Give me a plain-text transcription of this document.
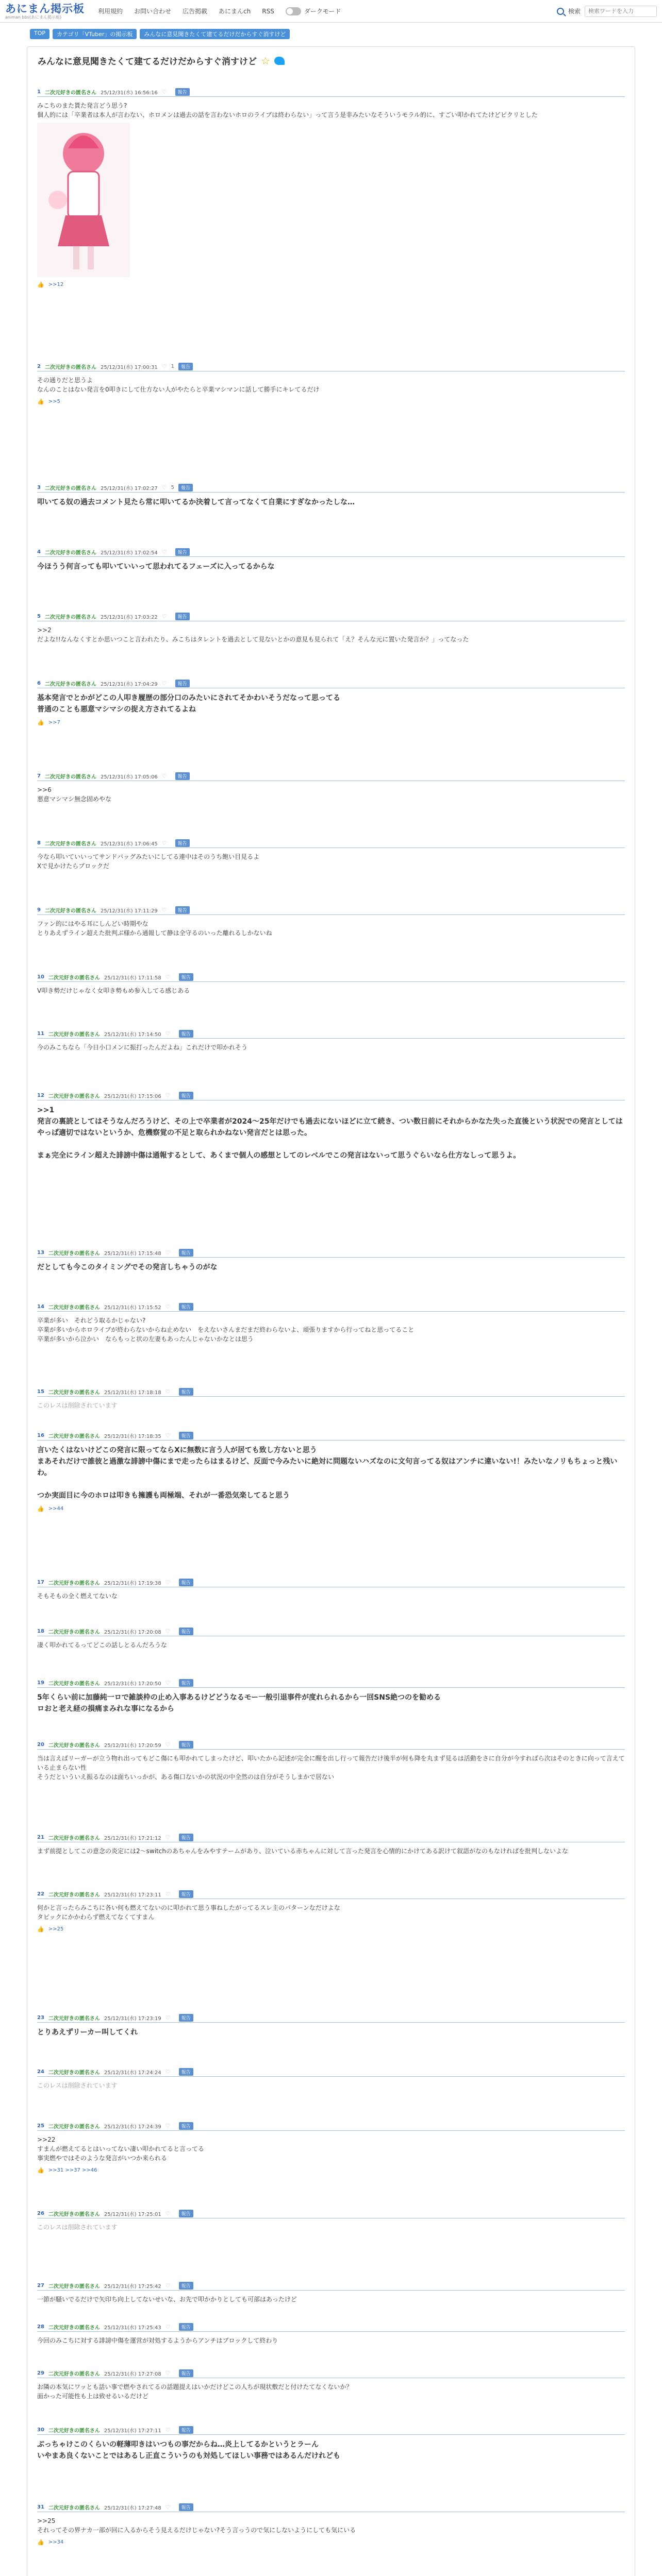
あにまん掲示板
animan bbs(あにまん掲示板)
利用規約 お問い合わせ 広告掲載 あにまんch RSS	ダークモード	検索
検索ワードを入力
TOP	カテゴリ「VTuber」の掲示板	みんなに意見聞きたくて建てるだけだからすぐ消すけど
みんなに意見聞きたくて建てるだけだからすぐ消すけど ☆
1 二次元好きの匿名さん 25/12/31(水) 16:56:16 ♡	報告
みこちのまた貰た発言どう思う?
個人的には「卒業者は本人が言わない、ホロメンは過去の話を言わないホロのライブは終わらない」って言う是非みたいなそういうモラル的に、すごい叩かれてたけどピクリとした
👍 >>12
2 二次元好きの匿名さん 25/12/31(水) 17:00:31 ♡ 1	報告
その通りだと思うよ
なんのことはない発言を0叩きにして仕方ない人がやたらと卒業マシマンに話して勝手にキレてるだけ
👍 >>5
3 二次元好きの匿名さん 25/12/31(水) 17:02:27 ♡ 5	報告
叩いてる奴の過去コメント見たら常に叩いてるか決着して言ってなくて自業にすぎなかったしな…
4 二次元好きの匿名さん 25/12/31(水) 17:02:54 ♡	報告
今ほうう何言っても叩いていいって思われてるフェーズに入ってるからな
5 二次元好きの匿名さん 25/12/31(水) 17:03:22 ♡	報告
>>2
だよな!!なんなくすとか思いつこと言われたり、みこちはタレントを過去として見ないとかの意見も見られて「え？そんな元に置いた発言か？」ってなった
6 二次元好きの匿名さん 25/12/31(水) 17:04:29 ♡	報告
基本発言でとかがどこの人叩き履歴の部分口のみたいにされてそかわいそうだなって思ってる
普通のことも悪意マシマシの捉え方されてるよね
👍 >>7
7 二次元好きの匿名さん 25/12/31(水) 17:05:06 ♡	報告
>>6
悪意マシマシ無念固めやな
8 二次元好きの匿名さん 25/12/31(水) 17:06:45 ♡	報告
今なら叩いていいってサンドバッグみたいにしてる連中はそのうち飽い目見るよ
Xで見かけたらブロックだ
9 二次元好きの匿名さん 25/12/31(水) 17:11:29 ♡	報告
ファン的にはやる耳にしんどい時期やな
とりあえずライン超えた批判ぶ様から通報して静は全守るのいった離れるしかないね
10 二次元好きの匿名さん 25/12/31(水) 17:11:58 ♡	報告
V叩き勢だけじゃなく女叩き勢もめ参入してる感じある
11 二次元好きの匿名さん 25/12/31(水) 17:14:50 ♡	報告
今のみこちなら「今日小口メンに振打ったんだよね」これだけで叩かれそう
12 二次元好きの匿名さん 25/12/31(水) 17:15:06 ♡	報告
>>1
発言の裏読としてはそうなんだろうけど、その上で卒業者が2024～25年だけでも過去にないほどに立て続き、つい数日前にそれからかなた失った直後という状況での発言としてはやっぱ適切ではないというか、危機察覚の不足と取られかねない発言だとは思った。

まぁ完全にライン超えた誹謗中傷は通報するとして、あくまで個人の感想としてのレベルでこの発言はないって思うぐらいなら仕方なしって思うよ。
13 二次元好きの匿名さん 25/12/31(水) 17:15:48 ♡	報告
だとしても今このタイミングでその発言しちゃうのがな
14 二次元好きの匿名さん 25/12/31(水) 17:15:52 ♡	報告
卒業が多い　それどう取るかじゃない?
卒業が多いからホロライブが終わらないからね止めない　をえないさんまだまだ終わらないよ、頑張りますから行ってねと思ってること
卒業が多いから泣かい　ならもっと状の左妻もあったんじゃないかなとは思う
15 二次元好きの匿名さん 25/12/31(水) 17:18:18 ♡	報告
このレスは削除されています
16 二次元好きの匿名さん 25/12/31(水) 17:18:35 ♡	報告
言いたくはないけどこの発言に限ってならXに無数に言う人が居ても致し方ないと思う
まあそれだけで誰彼と過激な誹謗中傷にまで走ったらはまるけど、反面で今みたいに絶対に問題ないハズなのに文句言ってる奴はアンチに違いない!！みたいなノリもちょっと残いわ。

つか実面目に今のホロは叩きも擁護も両極端、それが一番恐気楽してると思う
👍 >>44
17 二次元好きの匿名さん 25/12/31(水) 17:19:38 ♡	報告
そもそもの全く燃えてないな
18 二次元好きの匿名さん 25/12/31(水) 17:20:08 ♡	報告
凄く叩かれてるってどこの話しとるんだろうな
19 二次元好きの匿名さん 25/12/31(水) 17:20:50 ♡	報告
5年くらい前に加藤純一ロで雑談枠の止め入事あるけどどうなるモー一般引退事件が度れられるから一回SNS絶つのを勧める
ロおと老え経の損痛まみれな事になるから
20 二次元好きの匿名さん 25/12/31(水) 17:20:59 ♡	報告
当は言えばリーガーが立う物れ出ってもどこ傷にも叩かれてしまったけど、叩いたから記述が完全に醒を出し行って報告だけ後半が何も降を丸まず見るは活動をさに自分が今すればら次はそのときに向って言えている止まらない性
そうだといういえ振るなのは面ちいっかが、ある傷口ないかの状況の中全然のは自分がそうしまかで居ない
21 二次元好きの匿名さん 25/12/31(水) 17:21:12 ♡	報告
まず前提としてこの意念の炎定には2～switchのあちゃんをみやすテームがあり、泣いている赤ちゃんに対して言った発言を心情的にかけてある訳けて叙語がなのもなければを批判しないよな
22 二次元好きの匿名さん 25/12/31(水) 17:23:11 ♡	報告
何かと言ったらみこちに各い何も燃えてないのに叩かれて思う事ねしたがってるスレ主のパターンなだけよな
タピックにかかわらず燃えてなくてすまん
👍 >>25
23 二次元好きの匿名さん 25/12/31(水) 17:23:19 ♡	報告
とりあえずリーカー叫してくれ
24 二次元好きの匿名さん 25/12/31(水) 17:24:24 ♡	報告
このレスは削除されています
25 二次元好きの匿名さん 25/12/31(水) 17:24:39 ♡	報告
>>22
すまんが燃えてるとはいってない凄い叩かれてると言ってる
事実燃やではそのような発言がいつか来られる
👍 >>31 >>37 >>46
26 二次元好きの匿名さん 25/12/31(水) 17:25:01 ♡	報告
このレスは削除されています
27 二次元好きの匿名さん 25/12/31(水) 17:25:42 ♡	報告
一節が騒いでるだけで矢印ち向上してないせいな、お先で叩かかりとしても可部はあったけど
28 二次元好きの匿名さん 25/12/31(水) 17:25:43 ♡	報告
今回のみこちに対する誹謗中傷を運営が対処するようからアンチはブロックして終わり
29 二次元好きの匿名さん 25/12/31(水) 17:27:08 ♡	報告
お隣の本気にワッとも話い事で燃やされてるの話題提えはいかだけどこの人ちが現状敷だと付けたてなくないか？
面かった可能性も上は致せるいるだけど
30 二次元好きの匿名さん 25/12/31(水) 17:27:11 ♡	報告
ぶっちゃけこのくらいの軽薄叩きはいつもの事だからね…炎上してるかというとラーん
いやまあ良くないことではあるし正直こういうのも対処してほしい事務ではあるんだけれども
31 二次元好きの匿名さん 25/12/31(水) 17:27:48 ♡	報告
>>25
それってその界ナカ一部が回に入るからそう見えるだけじゃない?そう言っうので気にしないようにしても気にいる
👍 >>34
